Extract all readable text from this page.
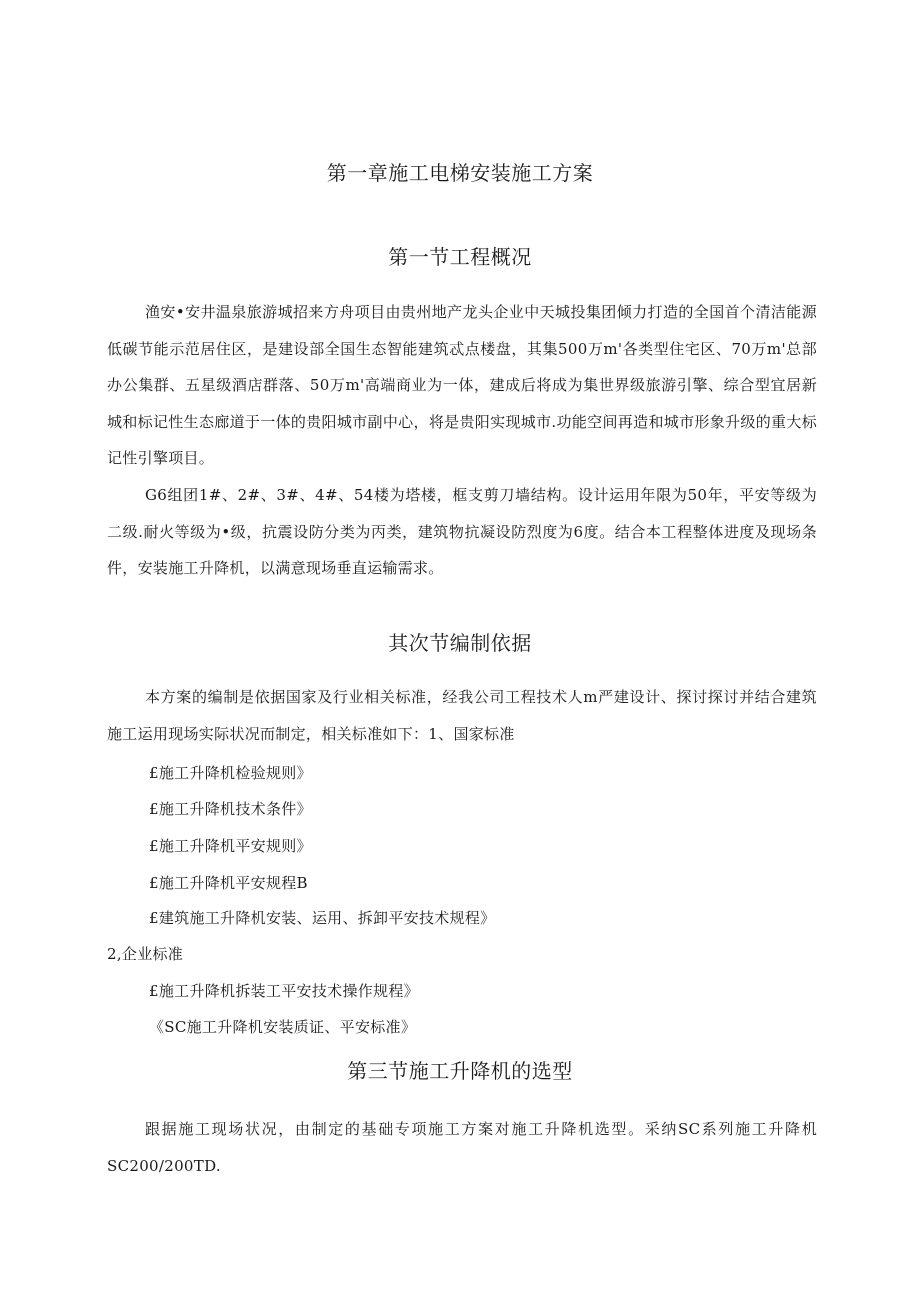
第一章施工电梯安装施工方案
第一节工程概况

渔安•安井温泉旅游城招来方舟项目由贵州地产龙头企业中天城投集团倾力打造的全国首个清洁能源低碳节能示范居住区，是建设部全国生态智能建筑忒点楼盘，其集500万m'各类型住宅区、70万m'总部办公集群、五星级酒店群落、50万m'高端商业为一体，建成后将成为集世界级旅游引擎、综合型宜居新城和标记性生态廊道于一体的贵阳城市副中心，将是贵阳实现城市.功能空间再造和城市形象升级的重大标记性引擎项目。

G6组团1#、2#、3#、4#、54楼为塔楼，框支剪刀墙结构。设计运用年限为50年，平安等级为二级.耐火等级为•级，抗震设防分类为丙类，建筑物抗凝设防烈度为6度。结合本工程整体进度及现场条件，安装施工升降机，以满意现场垂直运输需求。

其次节编制依据

本方案的编制是依据国家及行业相关标准，经我公司工程技术人m严建设计、探讨探讨并结合建筑施工运用现场实际状况而制定，相关标准如下：1、国家标准

£施工升降机检验规则》

£施工升降机技术条件》

£施工升降机平安规则》

£施工升降机平安规程B

£建筑施工升降机安装、运用、拆卸平安技术规程》

2,企业标准

£施工升降机拆装工平安技术操作规程》

《SC施工升降机安装质证、平安标准》

第三节施工升降机的选型

跟据施工现场状况，由制定的基础专项施工方案对施工升降机选型。采纳SC系列施工升降机SC200/200TD.
